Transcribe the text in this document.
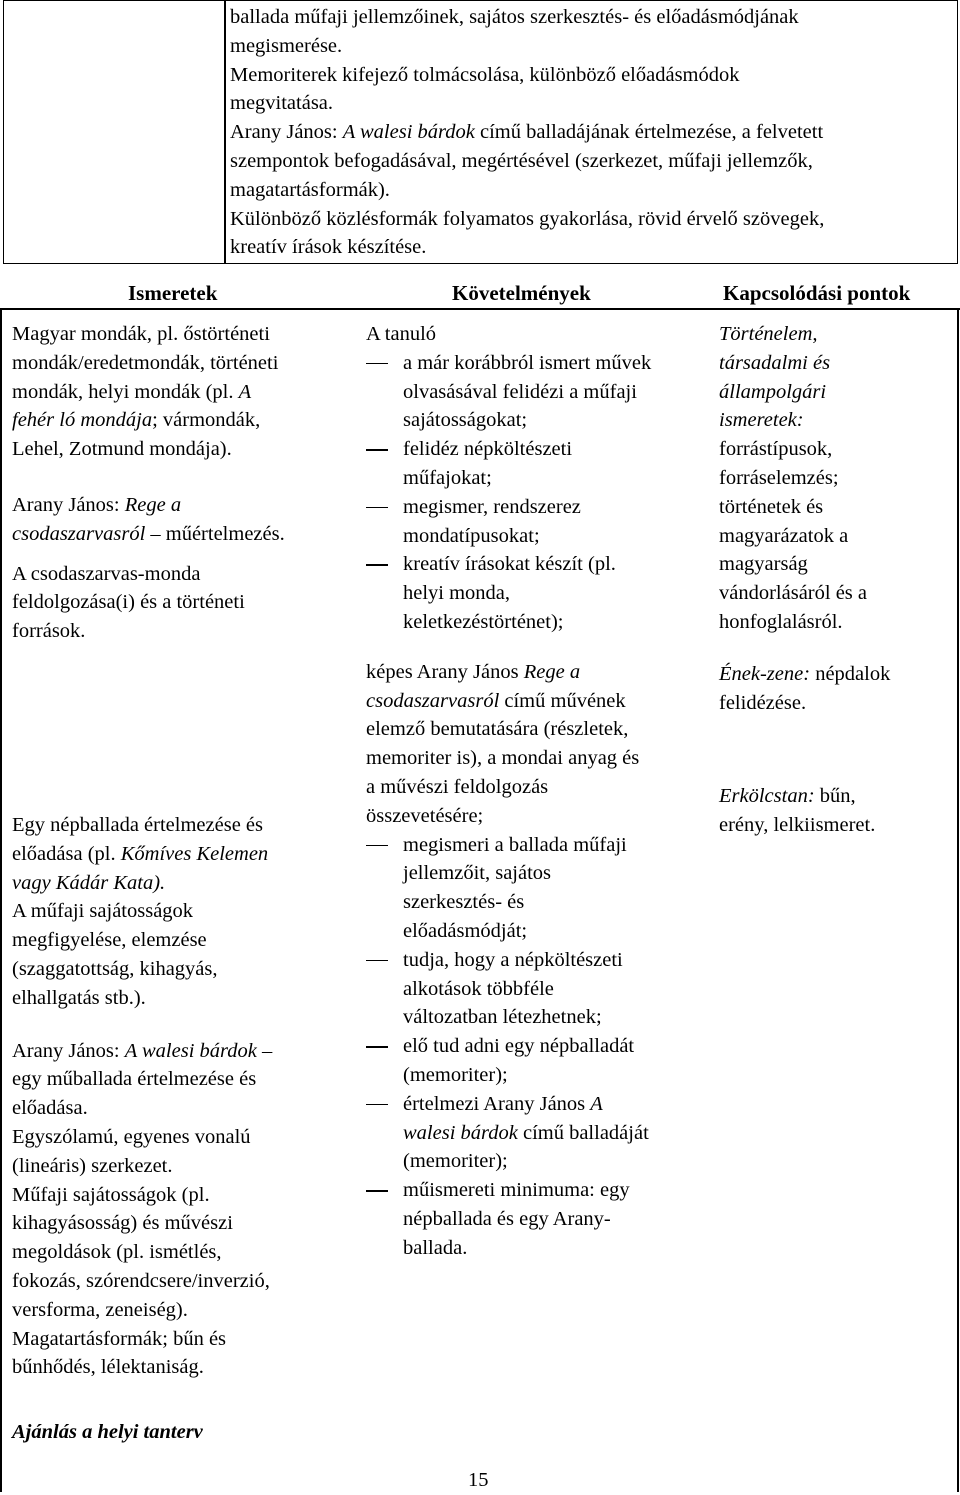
ballada műfaji jellemzőinek, sajátos szerkesztés- és előadásmódjának
megismerése.
Memoriterek kifejező tolmácsolása, különböző előadásmódok
megvitatása.
Arany János: A walesi bárdok című balladájának értelmezése, a felvetett
szempontok befogadásával, megértésével (szerkezet, műfaji jellemzők,
magatartásformák).
Különböző közlésformák folyamatos gyakorlása, rövid érvelő szövegek,
kreatív írások készítése.
Ismeretek	Követelmények	Kapcsolódási pontok
Magyar mondák, pl. őstörténeti
mondák/eredetmondák, történeti
mondák, helyi mondák (pl. A
fehér ló mondája; vármondák,
Lehel, Zotmund mondája).
Arany János: Rege a
csodaszarvasról – műértelmezés.
A csodaszarvas-monda
feldolgozása(i) és a történeti
források.
Egy népballada értelmezése és
előadása (pl. Kőmíves Kelemen
vagy Kádár Kata).
A műfaji sajátosságok
megfigyelése, elemzése
(szaggatottság, kihagyás,
elhallgatás stb.).
Arany János: A walesi bárdok –
egy műballada értelmezése és
előadása.
Egyszólamú, egyenes vonalú
(lineáris) szerkezet.
Műfaji sajátosságok (pl.
kihagyásosság) és művészi
megoldások (pl. ismétlés,
fokozás, szórendcsere/inverzió,
versforma, zeneiség).
Magatartásformák; bűn és
bűnhődés, lélektaniság.
A tanuló
a már korábbról ismert művek
olvasásával felidézi a műfaji
sajátosságokat;
felidéz népköltészeti
műfajokat;
megismer, rendszerez
mondatípusokat;
kreatív írásokat készít (pl.
helyi monda,
keletkezéstörténet);
képes Arany János Rege a
csodaszarvasról című művének
elemző bemutatására (részletek,
memoriter is), a mondai anyag és
a művészi feldolgozás
összevetésére;
megismeri a ballada műfaji
jellemzőit, sajátos
szerkesztés- és
előadásmódját;
tudja, hogy a népköltészeti
alkotások többféle
változatban létezhetnek;
elő tud adni egy népballadát
(memoriter);
értelmezi Arany János A
walesi bárdok című balladáját
(memoriter);
műismereti minimuma: egy
népballada és egy Arany-
ballada.
Történelem,
társadalmi és
állampolgári
ismeretek:
forrástípusok,
forráselemzés;
történetek és
magyarázatok a
magyarság
vándorlásáról és a
honfoglalásról.
Ének-zene: népdalok
felidézése.
Erkölcstan: bűn,
erény, lelkiismeret.
Ajánlás a helyi tanterv
15
